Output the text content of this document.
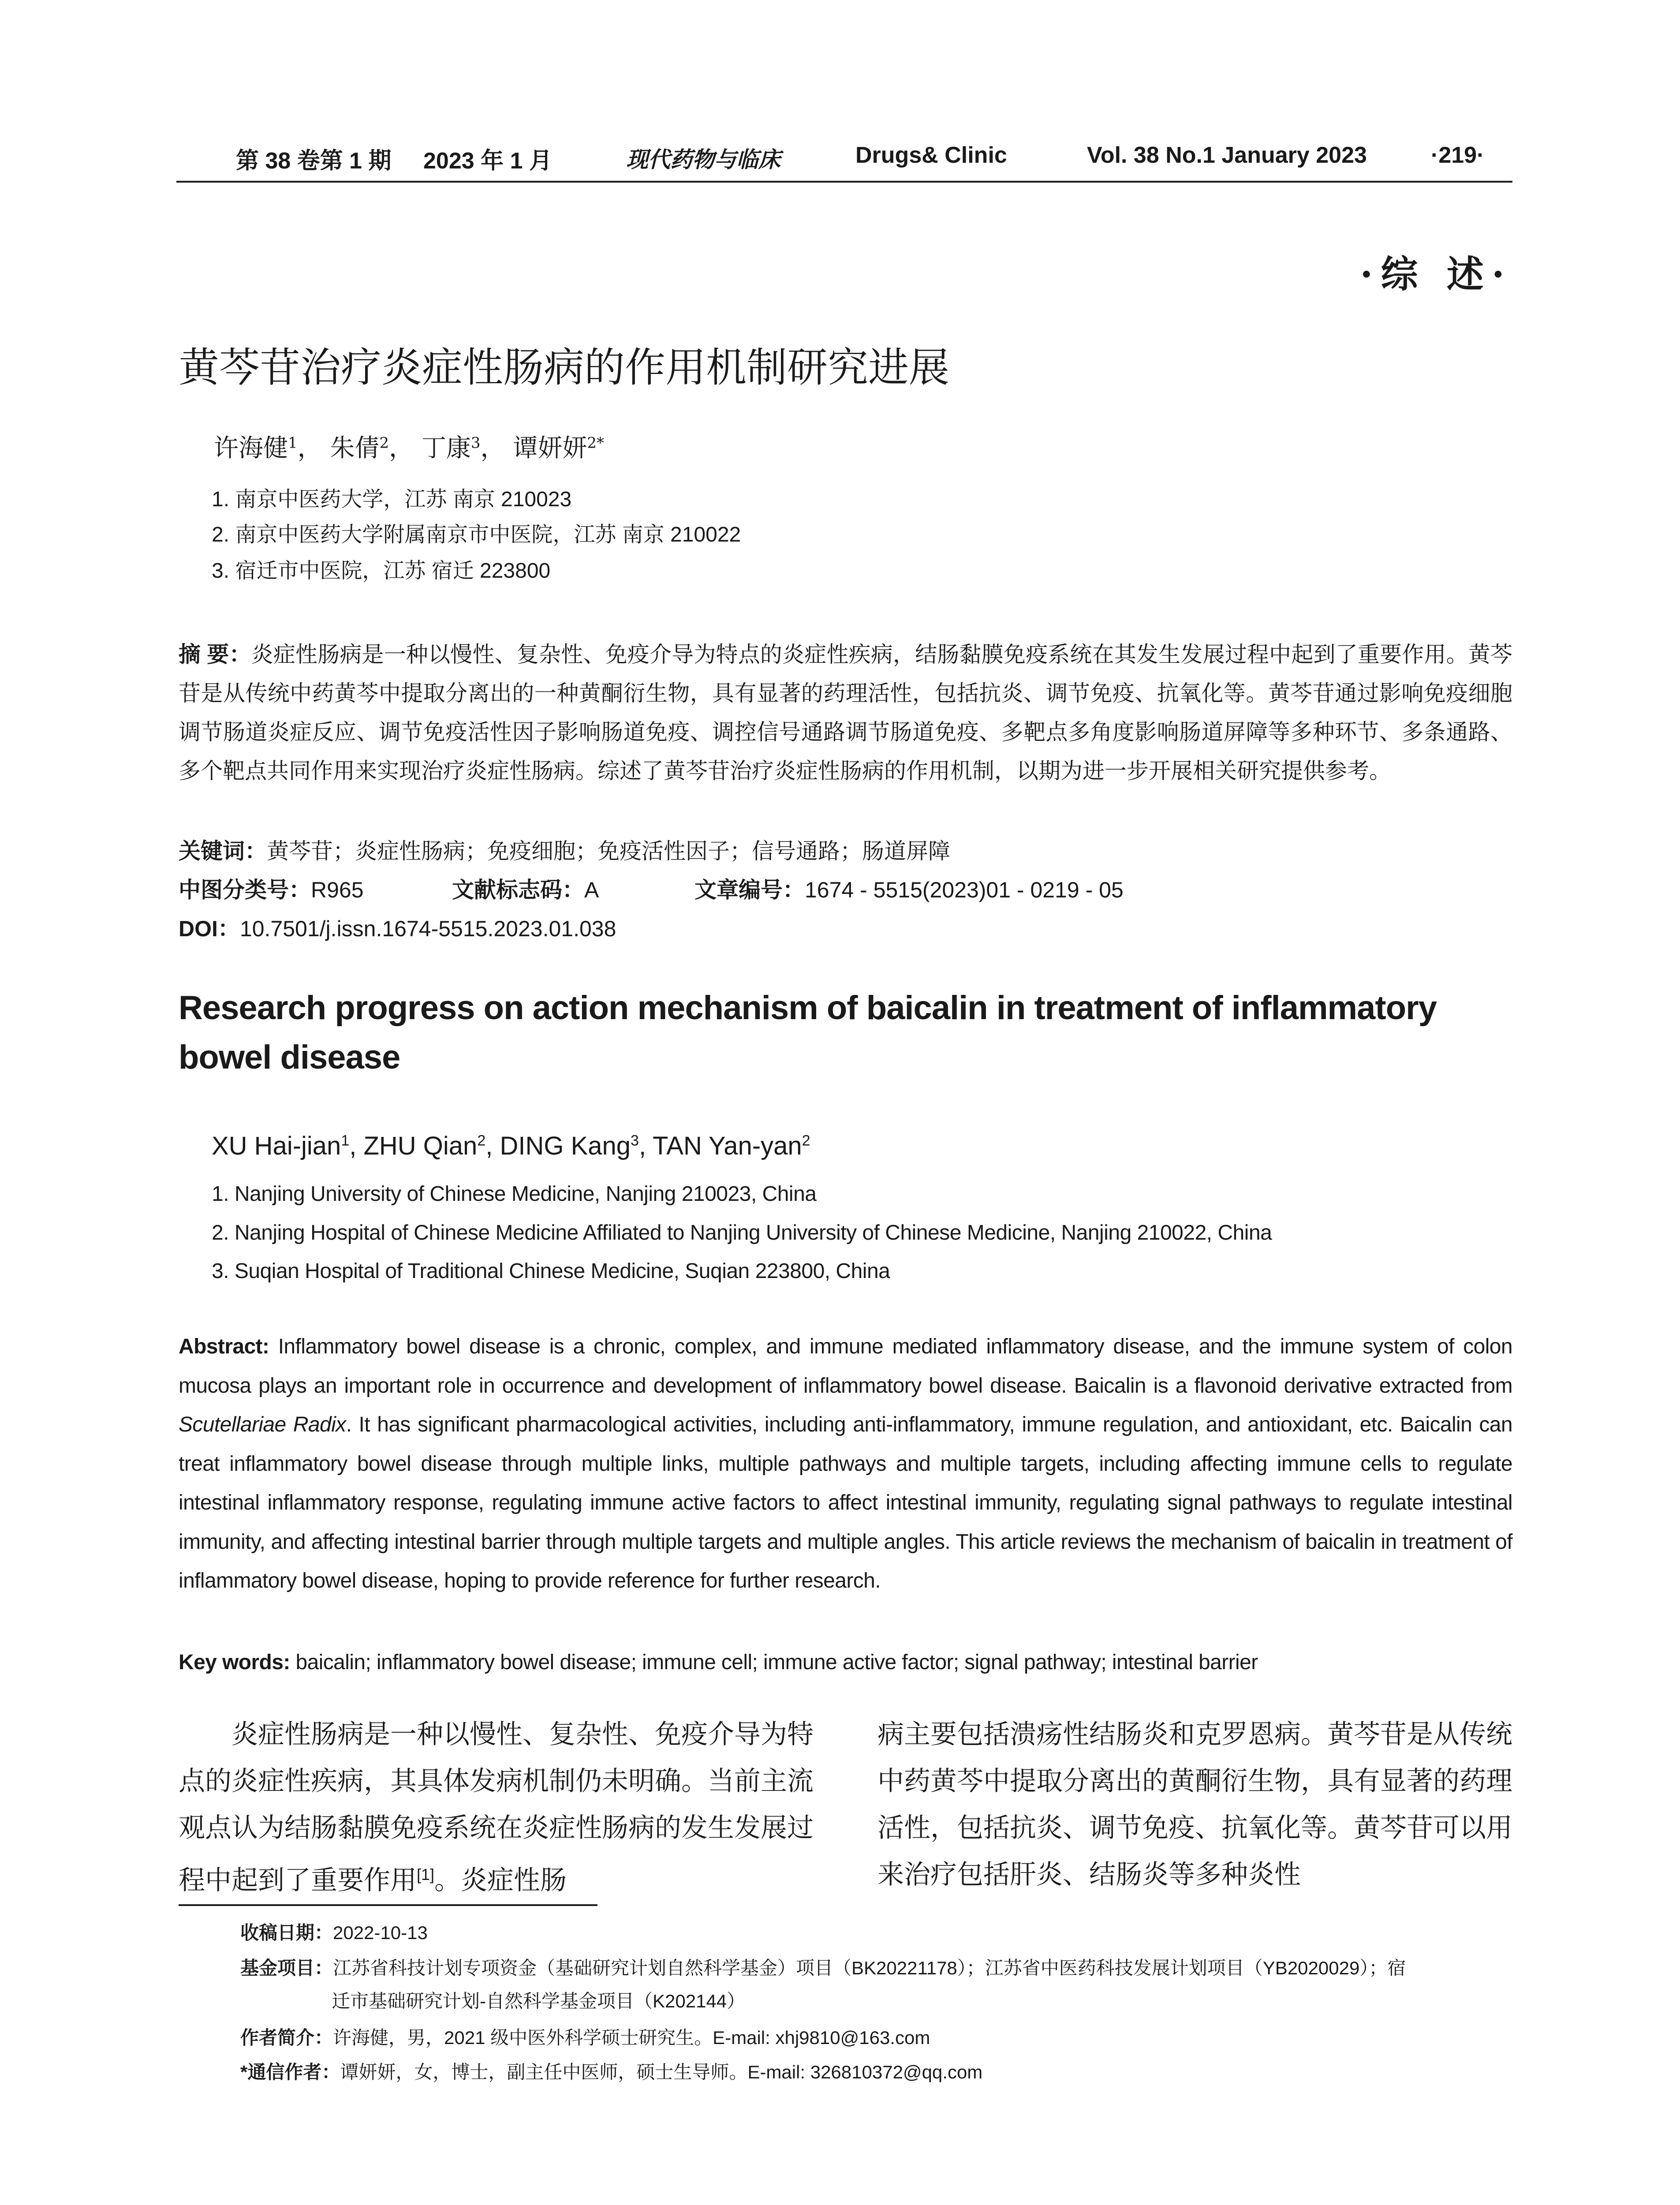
第 38 卷第 1 期 2023 年 1 月	现代药物与临床	Drugs& Clinic	Vol. 38 No.1 January 2023	·219·
·综 述·
黄芩苷治疗炎症性肠病的作用机制研究进展
许海健$^1$， 朱倩$^2$， 丁康$^3$， 谭妍妍$^{2*}$
1. 南京中医药大学，江苏 南京 210023
2. 南京中医药大学附属南京市中医院，江苏 南京 210022
3. 宿迁市中医院，江苏 宿迁 223800
摘 要：炎症性肠病是一种以慢性、复杂性、免疫介导为特点的炎症性疾病，结肠黏膜免疫系统在其发生发展过程中起到了重要作用。黄芩苷是从传统中药黄芩中提取分离出的一种黄酮衍生物，具有显著的药理活性，包括抗炎、调节免疫、抗氧化等。黄芩苷通过影响免疫细胞调节肠道炎症反应、调节免疫活性因子影响肠道免疫、调控信号通路调节肠道免疫、多靶点多角度影响肠道屏障等多种环节、多条通路、多个靶点共同作用来实现治疗炎症性肠病。综述了黄芩苷治疗炎症性肠病的作用机制，以期为进一步开展相关研究提供参考。
关键词：黄芩苷；炎症性肠病；免疫细胞；免疫活性因子；信号通路；肠道屏障
中图分类号：R965	文献标志码：A	文章编号：1674 - 5515(2023)01 - 0219 - 05
DOI：10.7501/j.issn.1674-5515.2023.01.038
Research progress on action mechanism of baicalin in treatment of inflammatory bowel disease
XU Hai-jian$^1$, ZHU Qian$^2$, DING Kang$^3$, TAN Yan-yan$^2$
1. Nanjing University of Chinese Medicine, Nanjing 210023, China
2. Nanjing Hospital of Chinese Medicine Affiliated to Nanjing University of Chinese Medicine, Nanjing 210022, China
3. Suqian Hospital of Traditional Chinese Medicine, Suqian 223800, China
Abstract: Inflammatory bowel disease is a chronic, complex, and immune mediated inflammatory disease, and the immune system of colon mucosa plays an important role in occurrence and development of inflammatory bowel disease. Baicalin is a flavonoid derivative extracted from Scutellariae Radix. It has significant pharmacological activities, including anti-inflammatory, immune regulation, and antioxidant, etc. Baicalin can treat inflammatory bowel disease through multiple links, multiple pathways and multiple targets, including affecting immune cells to regulate intestinal inflammatory response, regulating immune active factors to affect intestinal immunity, regulating signal pathways to regulate intestinal immunity, and affecting intestinal barrier through multiple targets and multiple angles. This article reviews the mechanism of baicalin in treatment of inflammatory bowel disease, hoping to provide reference for further research.
Key words: baicalin; inflammatory bowel disease; immune cell; immune active factor; signal pathway; intestinal barrier
炎症性肠病是一种以慢性、复杂性、免疫介导为特点的炎症性疾病，其具体发病机制仍未明确。当前主流观点认为结肠黏膜免疫系统在炎症性肠病的发生发展过程中起到了重要作用[1]。炎症性肠
病主要包括溃疡性结肠炎和克罗恩病。黄芩苷是从传统中药黄芩中提取分离出的黄酮衍生物，具有显著的药理活性，包括抗炎、调节免疫、抗氧化等。黄芩苷可以用来治疗包括肝炎、结肠炎等多种炎性
收稿日期：2022-10-13
基金项目：江苏省科技计划专项资金（基础研究计划自然科学基金）项目（BK20221178）；江苏省中医药科技发展计划项目（YB2020029）；宿
迁市基础研究计划-自然科学基金项目（K202144）
作者简介：许海健，男，2021 级中医外科学硕士研究生。E-mail: xhj9810@163.com
*通信作者：谭妍妍，女，博士，副主任中医师，硕士生导师。E-mail: 326810372@qq.com
